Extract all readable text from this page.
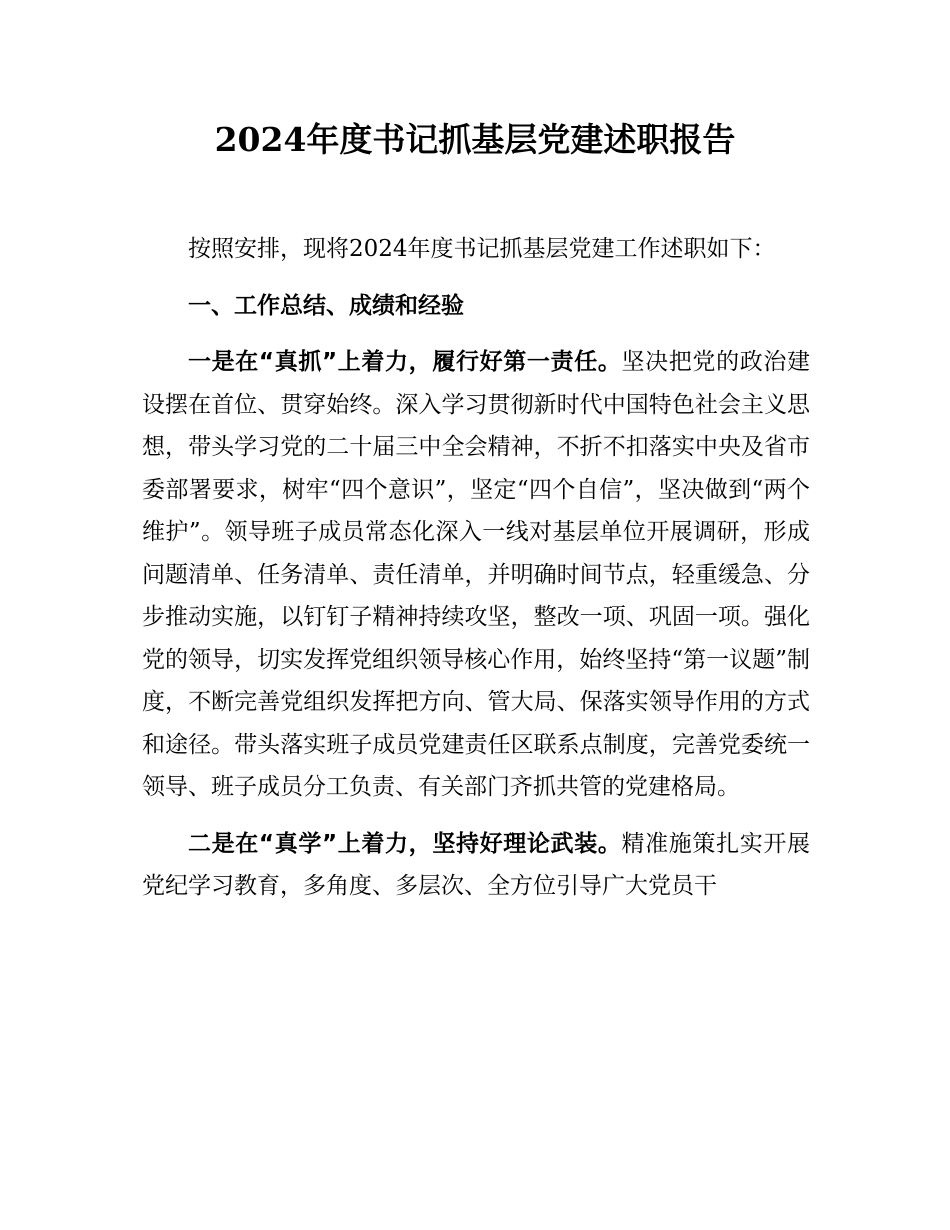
2024年度书记抓基层党建述职报告

按照安排，现将2024年度书记抓基层党建工作述职如下：

一、工作总结、成绩和经验

一是在“真抓”上着力，履行好第一责任。坚决把党的政治建设摆在首位、贯穿始终。深入学习贯彻新时代中国特色社会主义思想，带头学习党的二十届三中全会精神，不折不扣落实中央及省市委部署要求，树牢“四个意识”，坚定“四个自信”，坚决做到“两个维护”。领导班子成员常态化深入一线对基层单位开展调研，形成问题清单、任务清单、责任清单，并明确时间节点，轻重缓急、分步推动实施，以钉钉子精神持续攻坚，整改一项、巩固一项。强化党的领导，切实发挥党组织领导核心作用，始终坚持“第一议题”制度，不断完善党组织发挥把方向、管大局、保落实领导作用的方式和途径。带头落实班子成员党建责任区联系点制度，完善党委统一领导、班子成员分工负责、有关部门齐抓共管的党建格局。

二是在“真学”上着力，坚持好理论武装。精准施策扎实开展党纪学习教育，多角度、多层次、全方位引导广大党员干
